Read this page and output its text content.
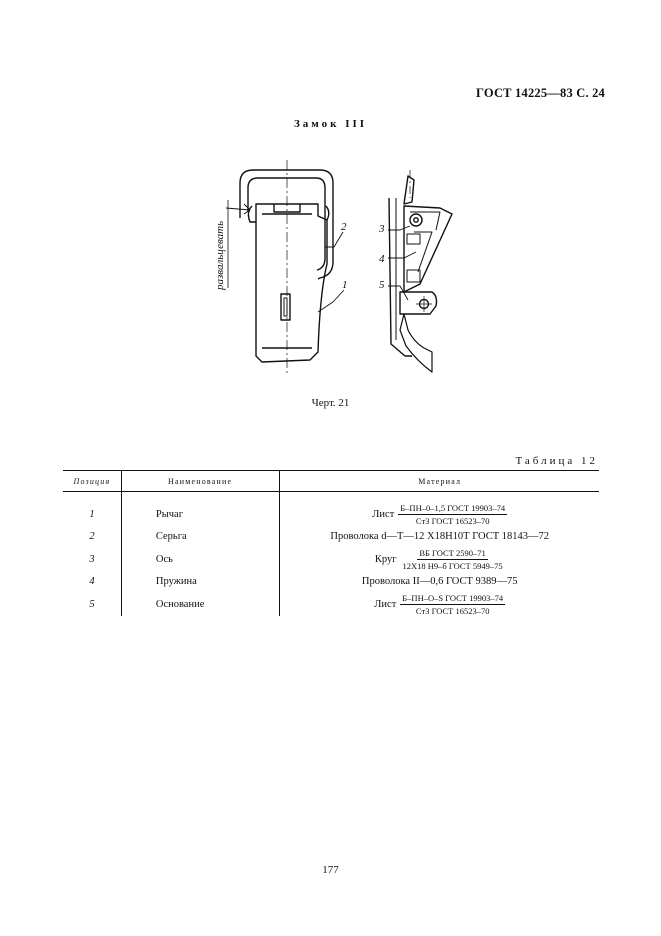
ГОСТ 14225—83 С. 24
Замок III
2
1
3
4
5
развальцевать
Черт. 21
Таблица 12
Позиция	Наименование	Материал
1	Рычаг	Лист $\frac{\text{Б–ПН–0–1,5 ГОСТ 19903–74}}{\text{Ст3 ГОСТ 16523–70}}$

2	Серьга	Проволока d—Т—12 Х18Н10Т ГОСТ 18143—72
3	Ось	Круг $\frac{\text{ВБ ГОСТ 2590–71}}{\text{12Х18 Н9–б ГОСТ 5949–75}}$

4	Пружина	Проволока II—0,6 ГОСТ 9389—75
5	Основание	Лист $\frac{\text{Б–ПН–О–S ГОСТ 19903–74}}{\text{Ст3 ГОСТ 16523–70}}$
177
